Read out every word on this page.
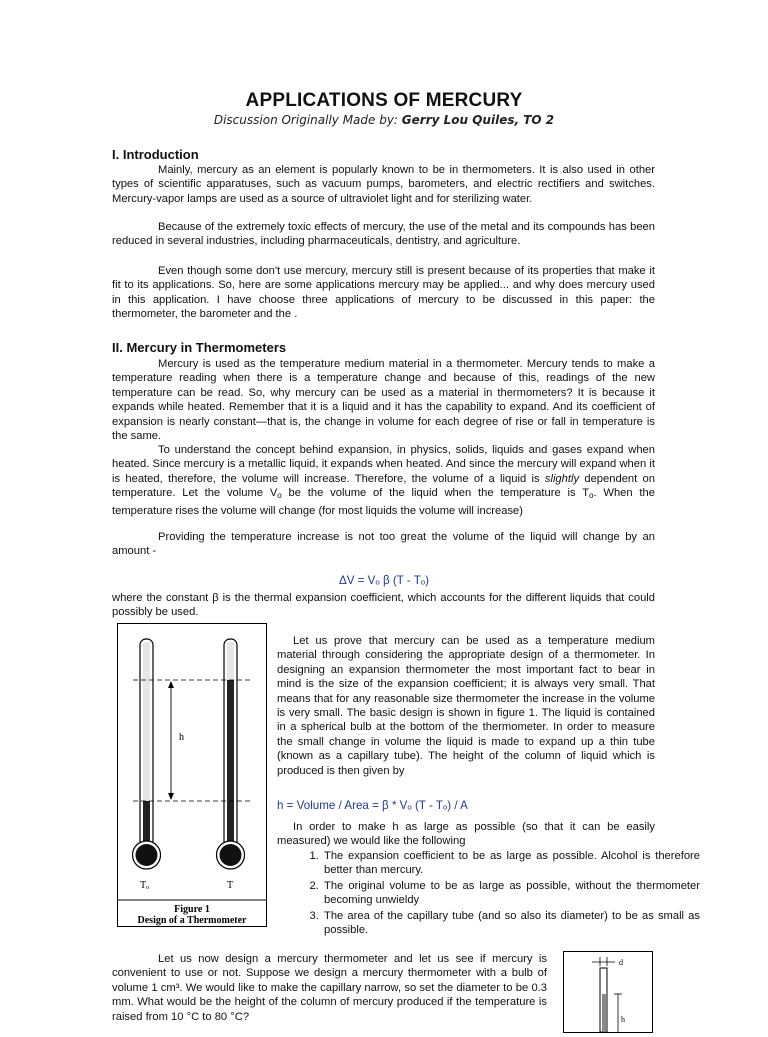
APPLICATIONS OF MERCURY
Discussion Originally Made by: Gerry Lou Quiles, TO 2
I. Introduction

Mainly, mercury as an element is popularly known to be in thermometers. It is also used in other types of scientific apparatuses, such as vacuum pumps, barometers, and electric rectifiers and switches. Mercury-vapor lamps are used as a source of ultraviolet light and for sterilizing water.

Because of the extremely toxic effects of mercury, the use of the metal and its compounds has been reduced in several industries, including pharmaceuticals, dentistry, and agriculture.

Even though some don't use mercury, mercury still is present because of its properties that make it fit to its applications. So, here are some applications mercury may be applied... and why does mercury used in this application. I have choose three applications of mercury to be discussed in this paper: the thermometer, the barometer and the .

II. Mercury in Thermometers

Mercury is used as the temperature medium material in a thermometer. Mercury tends to make a temperature reading when there is a temperature change and because of this, readings of the new temperature can be read. So, why mercury can be used as a material in thermometers? It is because it expands while heated. Remember that it is a liquid and it has the capability to expand. And its coefficient of expansion is nearly constant—that is, the change in volume for each degree of rise or fall in temperature is the same.

To understand the concept behind expansion, in physics, solids, liquids and gases expand when heated. Since mercury is a metallic liquid, it expands when heated. And since the mercury will expand when it is heated, therefore, the volume will increase. Therefore, the volume of a liquid is slightly dependent on temperature. Let the volume $V_o$ be the volume of the liquid when the temperature is $T_o$. When the temperature rises the volume will change (for most liquids the volume will increase)

Providing the temperature increase is not too great the volume of the liquid will change by an amount -

ΔV = Vₒ β (T - Tₒ)

where the constant β is the thermal expansion coefficient, which accounts for the different liquids that could possibly be used.

h
Tₒ	T
Figure 1
Design of a Thermometer

Let us prove that mercury can be used as a temperature medium material through considering the appropriate design of a thermometer. In designing an expansion thermometer the most important fact to bear in mind is the size of the expansion coefficient; it is always very small. That means that for any reasonable size thermometer the increase in the volume is very small. The basic design is shown in figure 1. The liquid is contained in a spherical bulb at the bottom of the thermometer. In order to measure the small change in volume the liquid is made to expand up a thin tube (known as a capillary tube). The height of the column of liquid which is produced is then given by

h = Volume / Area = β * Vₒ (T - Tₒ) / A

In order to make h as large as possible (so that it can be easily measured) we would like the following

1. The expansion coefficient to be as large as possible. Alcohol is therefore better than mercury.
2. The original volume to be as large as possible, without the thermometer becoming unwieldy
3. The area of the capillary tube (and so also its diameter) to be as small as possible.

Let us now design a mercury thermometer and let us see if mercury is convenient to use or not. Suppose we design a mercury thermometer with a bulb of volume 1 cm³. We would like to make the capillary narrow, so set the diameter to be 0.3 mm. What would be the height of the column of mercury produced if the temperature is raised from 10 °C to 80 °C?

d
h
